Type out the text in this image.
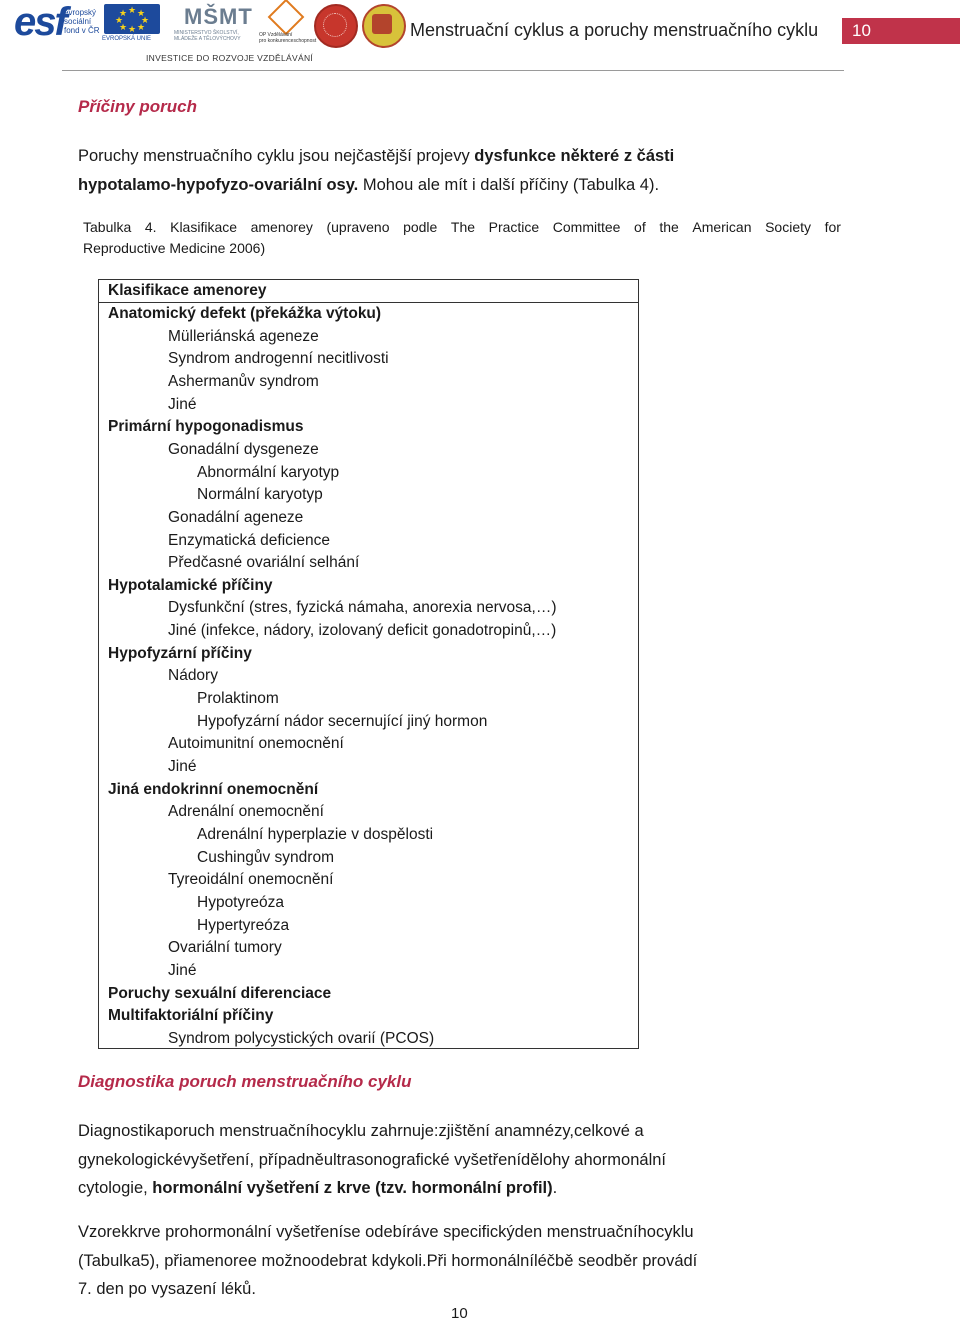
esf
evropský
sociální
fond v ČR
★ ★
★
★
★
★
★
★
EVROPSKÁ UNIE
MŠMT
MINISTERSTVO ŠKOLSTVÍ,
MLÁDEŽE A TĚLOVÝCHOVY
OP Vzdělávání
pro konkurenceschopnost
INVESTICE DO ROZVOJE VZDĚLÁVÁNÍ
Menstruační cyklus a poruchy menstruačního cyklu	10
Příčiny poruch
Poruchy menstruačního cyklu jsou nejčastější projevy dysfunkce některé z části
hypotalamo-hypofyzo-ovariální osy. Mohou ale mít i další příčiny (Tabulka 4).
Tabulka 4. Klasifikace amenorey (upraveno podle The Practice Committee of the American Society for
Reproductive Medicine 2006)
Klasifikace amenorey
Anatomický defekt (překážka výtoku)
Mülleriánská ageneze
Syndrom androgenní necitlivosti
Ashermanův syndrom
Jiné
Primární hypogonadismus
Gonadální dysgeneze
Abnormální karyotyp
Normální karyotyp
Gonadální ageneze
Enzymatická deficience
Předčasné ovariální selhání
Hypotalamické příčiny
Dysfunkční (stres, fyzická námaha, anorexia nervosa,…)
Jiné (infekce, nádory, izolovaný deficit gonadotropinů,…)
Hypofyzární příčiny
Nádory
Prolaktinom
Hypofyzární nádor secernující jiný hormon
Autoimunitní onemocnění
Jiné
Jiná endokrinní onemocnění
Adrenální onemocnění
Adrenální hyperplazie v dospělosti
Cushingův syndrom
Tyreoidální onemocnění
Hypotyreóza
Hypertyreóza
Ovariální tumory
Jiné
Poruchy sexuální diferenciace
Multifaktoriální příčiny
Syndrom polycystických ovarií (PCOS)
Diagnostika poruch menstruačního cyklu
Diagnostikaporuch menstruačníhocyklu zahrnuje:zjištění anamnézy,celkové a
gynekologickévyšetření, případněultrasonografické vyšetřenídělohy ahormonální
cytologie, hormonální vyšetření z krve (tzv. hormonální profil).
Vzorekkrve prohormonální vyšetřeníse odebíráve specifickýden menstruačníhocyklu
(Tabulka5), přiamenoree možnoodebrat kdykoli.Při hormonálníléčbě seodběr provádí
7. den po vysazení léků.
10
